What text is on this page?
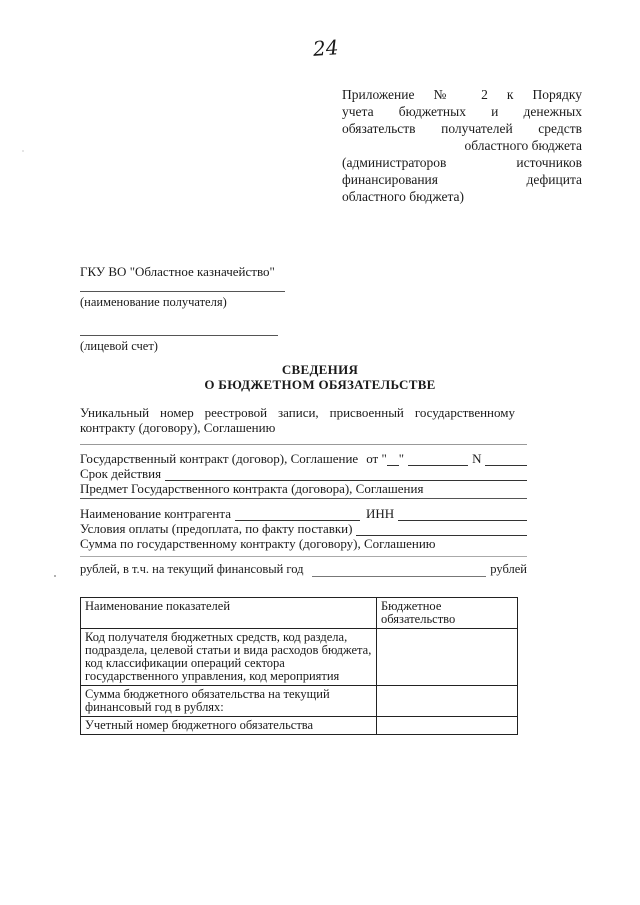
24
Приложение № 2 к Порядку
учета бюджетных и денежных
обязательств получателей средств
областного бюджета
(администраторов источников
финансирования дефицита
областного бюджета)
ГКУ ВО "Областное казначейство"
(наименование получателя)
(лицевой счет)
СВЕДЕНИЯ
О БЮДЖЕТНОМ ОБЯЗАТЕЛЬСТВЕ
Уникальный номер реестровой записи, присвоенный государственному
контракту (договору), Соглашению
Государственный контракт (договор), Соглашение от " "	N
Срок действия
Предмет Государственного контракта (договора), Соглашения
Наименование контрагента	ИНН
Условия оплаты (предоплата, по факту поставки)
Сумма по государственному контракту (договору), Соглашению
рублей, в т.ч. на текущий финансовый год	рублей
Наименование показателей	Бюджетное обязательство
Код получателя бюджетных средств, код раздела, подраздела, целевой статьи и вида расходов бюджета, код классификации операций сектора государственного управления, код мероприятия	
Сумма бюджетного обязательства на текущий финансовый год в рублях:	
Учетный номер бюджетного обязательства	
